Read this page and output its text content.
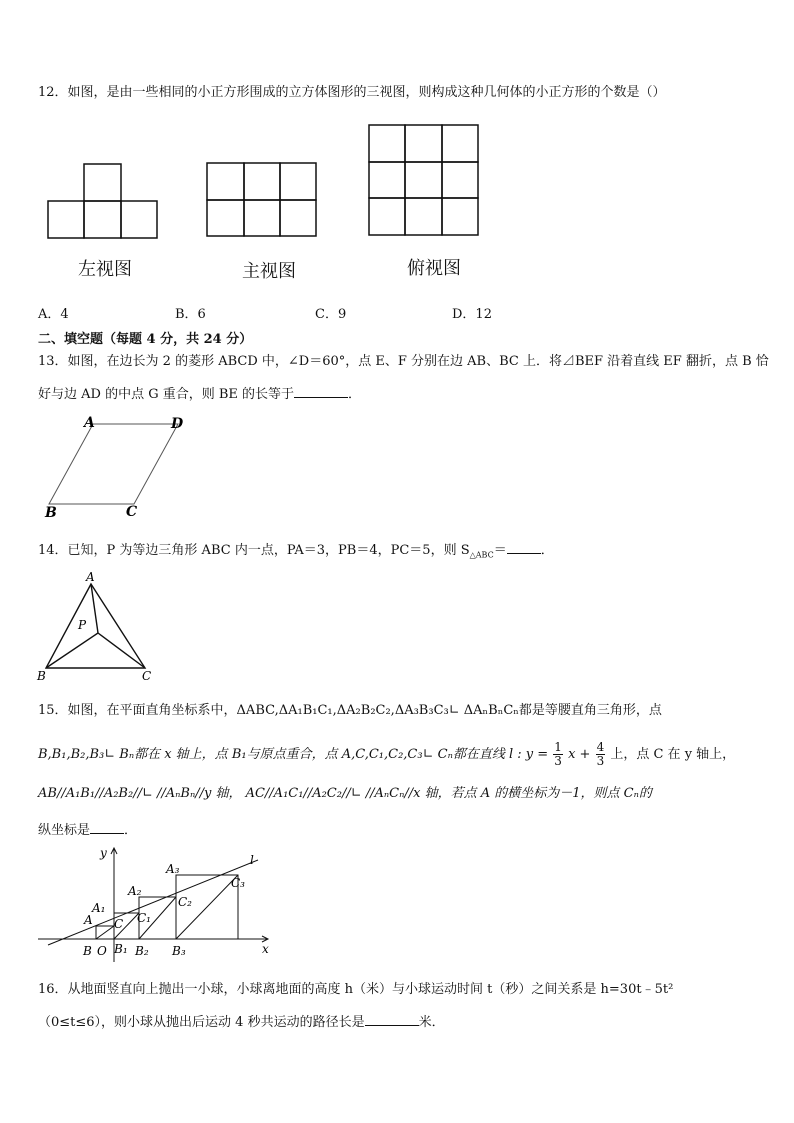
12．如图，是由一些相同的小正方形围成的立方体图形的三视图，则构成这种几何体的小正方形的个数是（）
左视图	主视图	俯视图
A．4	B．6	C．9	D．12
二、填空题（每题 4 分，共 24 分）
13．如图，在边长为 2 的菱形 ABCD 中，∠D＝60°，点 E、F 分别在边 AB、BC 上．将⊿BEF 沿着直线 EF 翻折，点 B 恰
好与边 AD 的中点 G 重合，则 BE 的长等于	．
A	D
B	C
14．已知，P 为等边三角形 ABC 内一点，PA＝3，PB＝4，PC＝5，则 $S_{\triangle ABC}=$	．
A
P
B	C
15．如图，在平面直角坐标系中，ΔABC,ΔA₁B₁C₁,ΔA₂B₂C₂,ΔA₃B₃C₃∟ ΔAₙBₙCₙ都是等腰直角三角形，点
B,B₁,B₂,B₃∟ Bₙ都在 x 轴上，点 B₁与原点重合，点 A,C,C₁,C₂,C₃∟ Cₙ都在直线 l : $y = \frac{1}{3}$ $x + \frac{4}{3}$ 上，点 C 在 y 轴上，
AB//A₁B₁//A₂B₂//∟ //AₙBₙ//y 轴， AC//A₁C₁//A₂C₂//∟ //AₙCₙ//x 轴，若点 A 的横坐标为－1，则点 Cₙ的
纵坐标是	．
y
x
l
A
A₁
A₂
A₃
C C₁
C₂
C₃
B O B₁ B₂ B₃
16．从地面竖直向上抛出一小球，小球离地面的高度 h（米）与小球运动时间 t（秒）之间关系是 h=30t﹣5t²
（0≤t≤6），则小球从抛出后运动 4 秒共运动的路径长是	米．
